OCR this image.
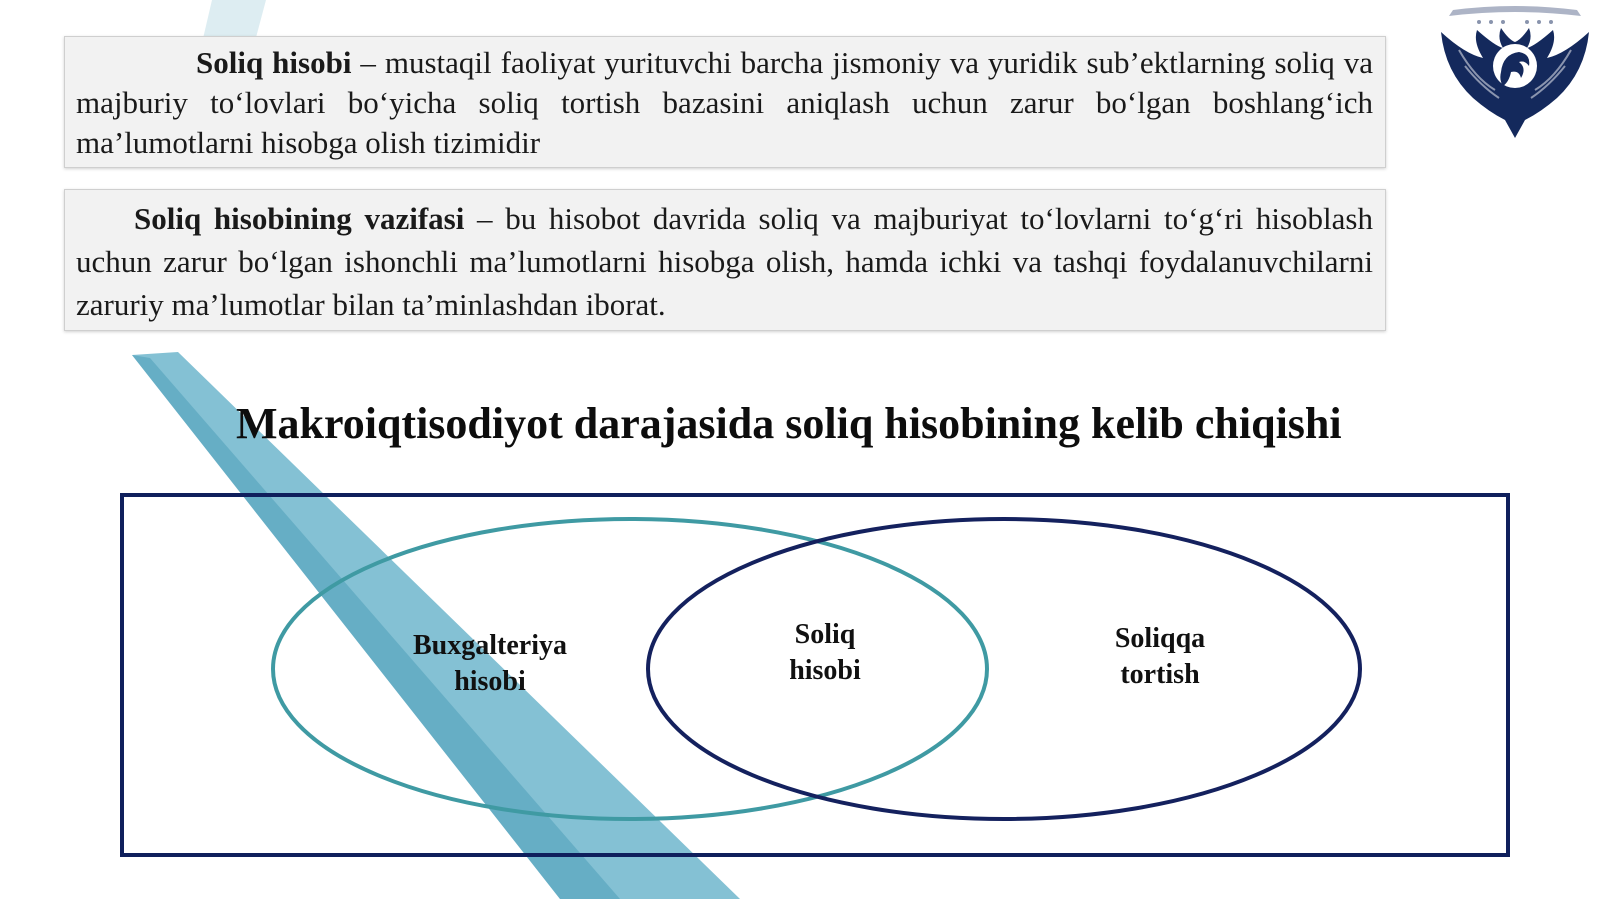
Soliq hisobi – mustaqil faoliyat yurituvchi barcha jismoniy va yuridik sub’ektlarning soliq va majburiy to‘lovlari bo‘yicha soliq tortish bazasini aniqlash uchun zarur bo‘lgan boshlang‘ich ma’lumotlarni hisobga olish tizimidir
Soliq hisobining vazifasi – bu hisobot davrida soliq va majburiyat to‘lovlarni to‘g‘ri hisoblash uchun zarur bo‘lgan ishonchli ma’lumotlarni hisobga olish, hamda ichki va tashqi foydalanuvchilarni zaruriy ma’lumotlar bilan ta’minlashdan iborat.
Makroiqtisodiyot darajasida soliq hisobining kelib chiqishi
Buxgalteriya
hisobi
Soliq
hisobi
Soliqqa
tortish
